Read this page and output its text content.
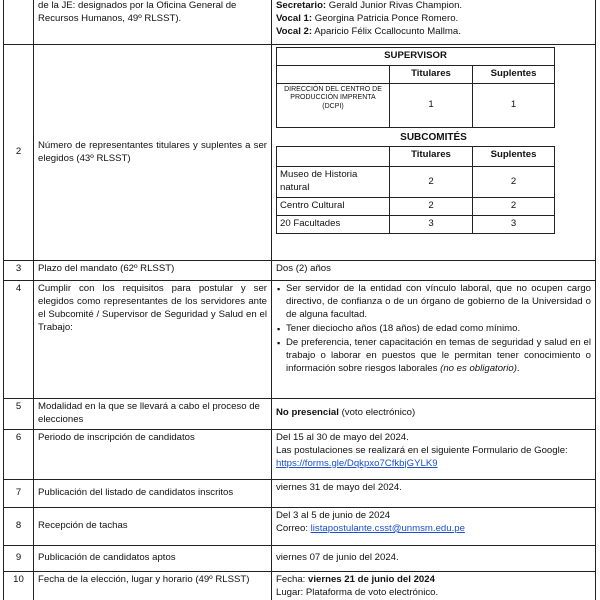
	de la JE: designados por la Oficina General de Recursos Humanos, 49º RLSST).	
Secretario: Gerald Junior Rivas Champion.
Vocal 1: Georgina Patricia Ponce Romero.
Vocal 2: Aparicio Félix Ccallocunto Mallma.

2	Número de representantes titulares y suplentes a ser elegidos (43º RLSST)	
SUPERVISOR
	Titulares	Suplentes
DIRECCIÓN DEL CENTRO DE PRODUCCIÓN IMPRENTA (DCPI)	1	1
SUBCOMITÉS
	Titulares	Suplentes
Museo de Historia natural	2	2
Centro Cultural	2	2
20 Facultades	3	3

3	Plazo del mandato (62º RLSST)	Dos (2) años
4	Cumplir con los requisitos para postular y ser elegidos como representantes de los servidores ante el Subcomité / Supervisor de Seguridad y Salud en el Trabajo:	
▪ Ser servidor de la entidad con vínculo laboral, que no ocupen cargo directivo, de confianza o de un órgano de gobierno de la Universidad o de alguna facultad.
▪ Tener dieciocho años (18 años) de edad como mínimo.
▪ De preferencia, tener capacitación en temas de seguridad y salud en el trabajo o laborar en puestos que le permitan tener conocimiento o información sobre riesgos laborales (no es obligatorio).

5	Modalidad en la que se llevará a cabo el proceso de elecciones	No presencial (voto electrónico)
6	Periodo de inscripción de candidatos	Del 15 al 30 de mayo del 2024.
Las postulaciones se realizará en el siguiente Formulario de Google: https://forms.gle/Dqkpxo7CfkbjGYLK9

7	Publicación del listado de candidatos inscritos	viernes 31 de mayo del 2024.
8	Recepción de tachas	
Del 3 al 5 de junio de 2024
Correo: listapostulante.csst@unmsm.edu.pe

9	Publicación de candidatos aptos	viernes 07 de junio del 2024.
10	Fecha de la elección, lugar y horario (49º RLSST)	Fecha: viernes 21 de junio del 2024
Lugar: Plataforma de voto electrónico.
